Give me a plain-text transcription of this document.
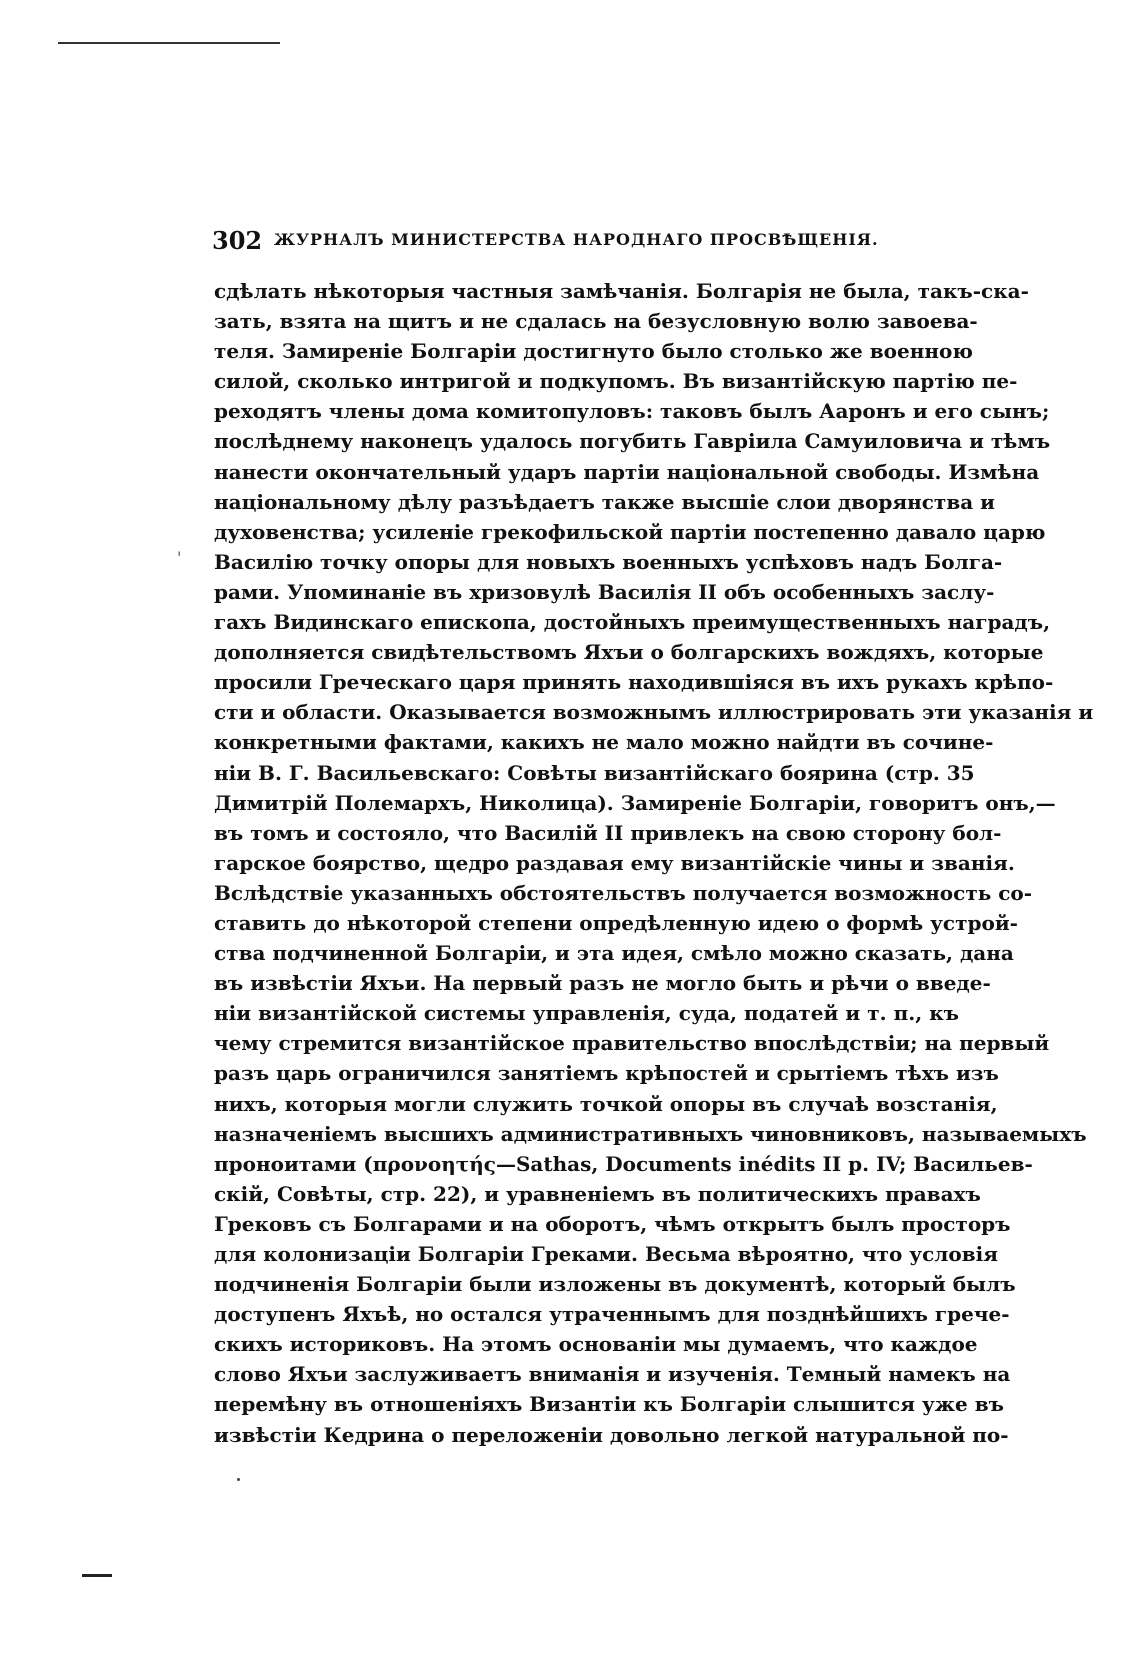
302 ЖУРНАЛЪ МИНИСТЕРСТВА НАРОДНАГО ПРОСВѢЩЕНІЯ.
'
сдѣлать нѣкоторыя частныя замѣчанія. Болгарія не была, такъ-ска-
зать, взята на щитъ и не сдалась на безусловную волю завоева-
теля. Замиреніе Болгаріи достигнуто было столько же военною
силой, сколько интригой и подкупомъ. Въ византійскую партію пе-
реходятъ члены дома комитопуловъ: таковъ былъ Ааронъ и его сынъ;
послѣднему наконецъ удалось погубить Гавріила Самуиловича и тѣмъ
нанести окончательный ударъ партіи національной свободы. Измѣна
національному дѣлу разъѣдаетъ также высшіе слои дворянства и
духовенства; усиленіе грекофильской партіи постепенно давало царю
Василію точку опоры для новыхъ военныхъ успѣховъ надъ Болга-
рами. Упоминаніе въ хризовулѣ Василія II объ особенныхъ заслу-
гахъ Видинскаго епископа, достойныхъ преимущественныхъ наградъ,
дополняется свидѣтельствомъ Яхъи о болгарскихъ вождяхъ, которые
просили Греческаго царя принять находившіяся въ ихъ рукахъ крѣпо-
сти и области. Оказывается возможнымъ иллюстрировать эти указанія и
конкретными фактами, какихъ не мало можно найдти въ сочине-
ніи В. Г. Васильевскаго: Совѣты византійскаго боярина (стр. 35
Димитрій Полемархъ, Николица). Замиреніе Болгаріи, говоритъ онъ,—
въ томъ и состояло, что Василій II привлекъ на свою сторону бол-
гарское боярство, щедро раздавая ему византійскіе чины и званія.
Вслѣдствіе указанныхъ обстоятельствъ получается возможность со-
ставить до нѣкоторой степени опредѣленную идею о формѣ устрой-
ства подчиненной Болгаріи, и эта идея, смѣло можно сказать, дана
въ извѣстіи Яхъи. На первый разъ не могло быть и рѣчи о введе-
ніи византійской системы управленія, суда, податей и т. п., къ
чему стремится византійское правительство впослѣдствіи; на первый
разъ царь ограничился занятіемъ крѣпостей и срытіемъ тѣхъ изъ
нихъ, которыя могли служить точкой опоры въ случаѣ возстанія,
назначеніемъ высшихъ административныхъ чиновниковъ, называемыхъ
пронoитами (προνοητής—Sathas, Documents inédits II p. IV; Васильев-
скій, Совѣты, стр. 22), и уравненіемъ въ политическихъ правахъ
Грековъ съ Болгарами и на оборотъ, чѣмъ открытъ былъ просторъ
для колонизаціи Болгаріи Греками. Весьма вѣроятно, что условія
подчиненія Болгаріи были изложены въ документѣ, который былъ
доступенъ Яхъѣ, но остался утраченнымъ для позднѣйшихъ грече-
скихъ историковъ. На этомъ основаніи мы думаемъ, что каждое
слово Яхъи заслуживаетъ вниманія и изученія. Темный намекъ на
перемѣну въ отношеніяхъ Византіи къ Болгаріи слышится уже въ
извѣстіи Кедрина о переложеніи довольно легкой натуральной по-
